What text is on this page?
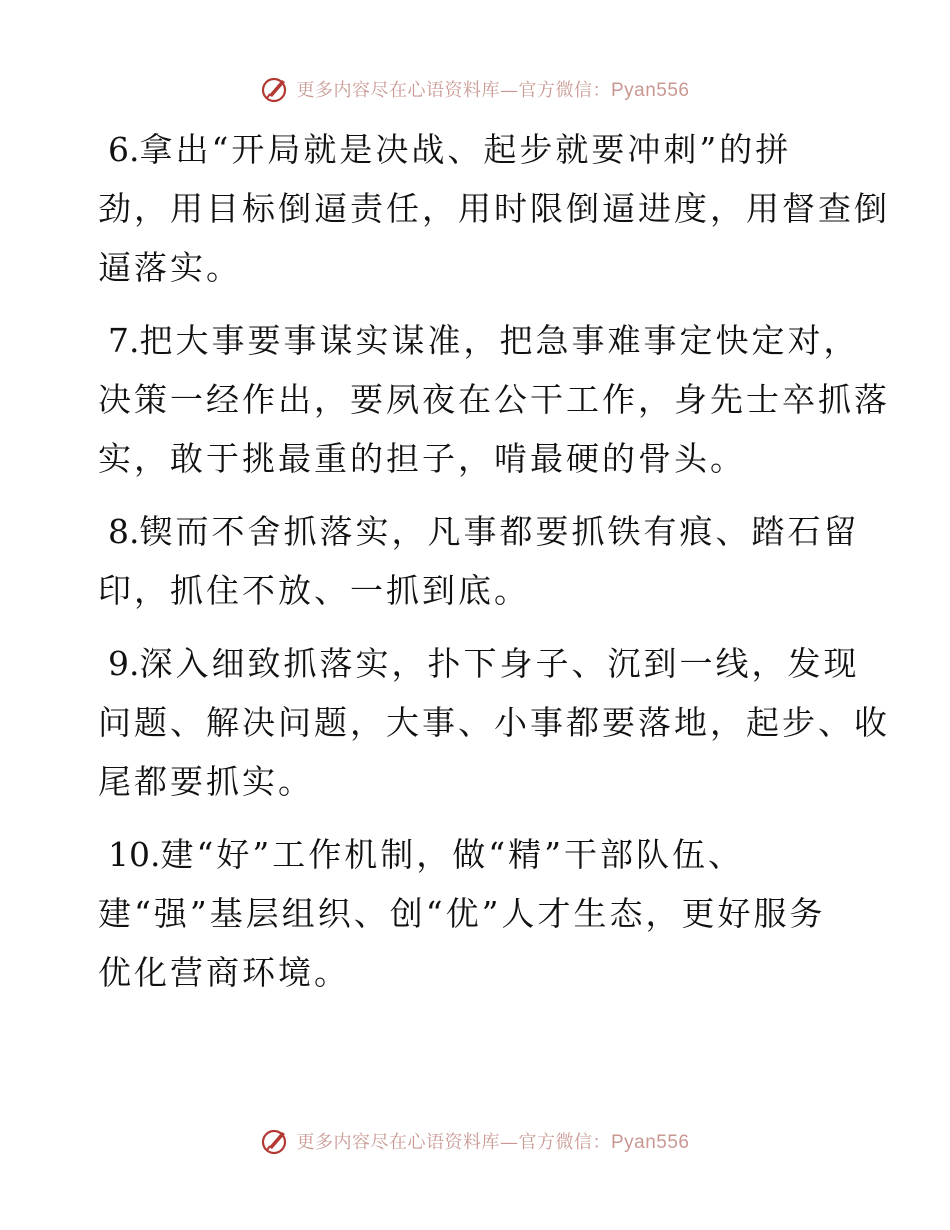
更多内容尽在心语资料库—官方微信：Pyan556
6.拿出“开局就是决战、起步就要冲刺”的拼
劲，用目标倒逼责任，用时限倒逼进度，用督查倒
逼落实。
7.把大事要事谋实谋准，把急事难事定快定对，
决策一经作出，要夙夜在公干工作，身先士卒抓落
实，敢于挑最重的担子，啃最硬的骨头。
8.锲而不舍抓落实，凡事都要抓铁有痕、踏石留
印，抓住不放、一抓到底。
9.深入细致抓落实，扑下身子、沉到一线，发现
问题、解决问题，大事、小事都要落地，起步、收
尾都要抓实。
10.建“好”工作机制，做“精”干部队伍、
建“强”基层组织、创“优”人才生态，更好服务
优化营商环境。
更多内容尽在心语资料库—官方微信：Pyan556
